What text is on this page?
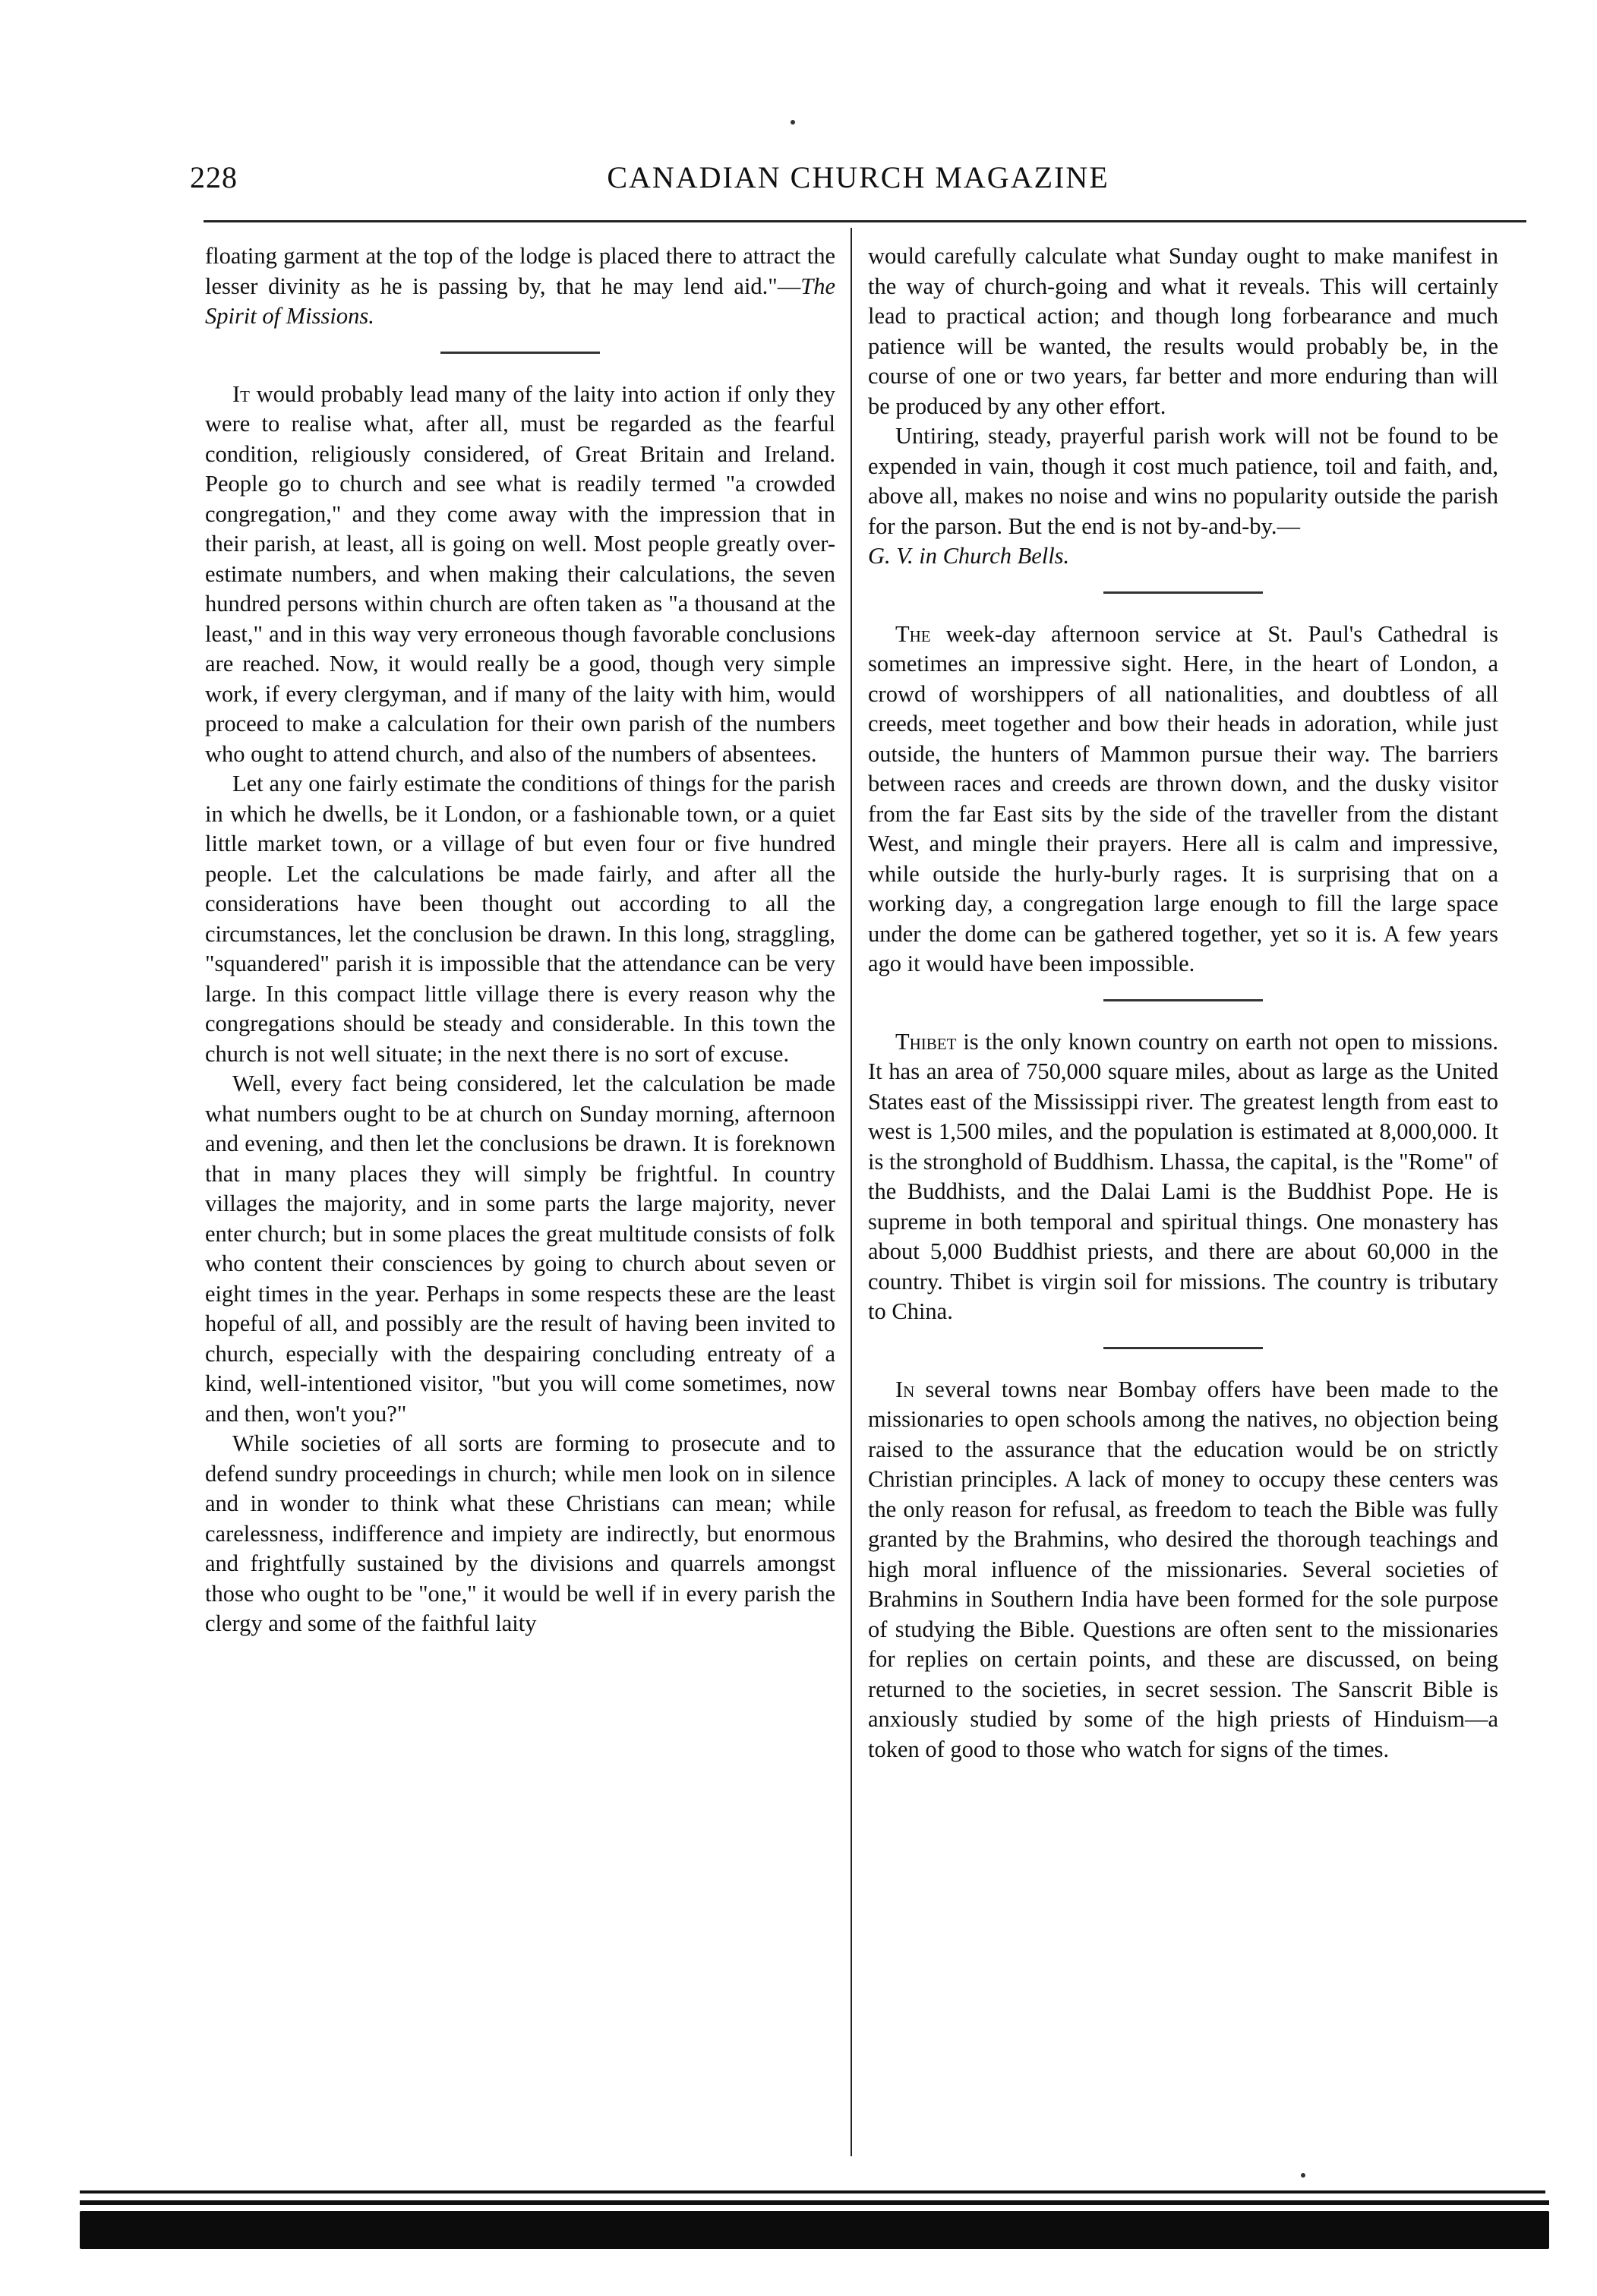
228	CANADIAN CHURCH MAGAZINE

floating garment at the top of the lodge is placed there to attract the lesser divinity as he is passing by, that he may lend aid."—The Spirit of Missions.

It would probably lead many of the laity into action if only they were to realise what, after all, must be regarded as the fearful condition, religiously considered, of Great Britain and Ireland. People go to church and see what is readily termed "a crowded congregation," and they come away with the impression that in their parish, at least, all is going on well. Most people greatly over-estimate numbers, and when making their calculations, the seven hundred persons within church are often taken as "a thousand at the least," and in this way very erroneous though favorable conclusions are reached. Now, it would really be a good, though very simple work, if every clergyman, and if many of the laity with him, would proceed to make a calculation for their own parish of the numbers who ought to attend church, and also of the numbers of absentees.

Let any one fairly estimate the conditions of things for the parish in which he dwells, be it London, or a fashionable town, or a quiet little market town, or a village of but even four or five hundred people. Let the calculations be made fairly, and after all the considerations have been thought out according to all the circumstances, let the conclusion be drawn. In this long, straggling, "squandered" parish it is impossible that the attendance can be very large. In this compact little village there is every reason why the congregations should be steady and considerable. In this town the church is not well situate; in the next there is no sort of excuse.

Well, every fact being considered, let the calculation be made what numbers ought to be at church on Sunday morning, afternoon and evening, and then let the conclusions be drawn. It is foreknown that in many places they will simply be frightful. In country villages the majority, and in some parts the large majority, never enter church; but in some places the great multitude consists of folk who content their consciences by going to church about seven or eight times in the year. Perhaps in some respects these are the least hopeful of all, and possibly are the result of having been invited to church, especially with the despairing concluding entreaty of a kind, well-intentioned visitor, "but you will come sometimes, now and then, won't you?"

While societies of all sorts are forming to prosecute and to defend sundry proceedings in church; while men look on in silence and in wonder to think what these Christians can mean; while carelessness, indifference and impiety are indirectly, but enormous and frightfully sustained by the divisions and quarrels amongst those who ought to be "one," it would be well if in every parish the clergy and some of the faithful laity

would carefully calculate what Sunday ought to make manifest in the way of church-going and what it reveals. This will certainly lead to practical action; and though long forbearance and much patience will be wanted, the results would probably be, in the course of one or two years, far better and more enduring than will be produced by any other effort.

Untiring, steady, prayerful parish work will not be found to be expended in vain, though it cost much patience, toil and faith, and, above all, makes no noise and wins no popularity outside the parish for the parson. But the end is not by-and-by.—
G. V. in Church Bells.

The week-day afternoon service at St. Paul's Cathedral is sometimes an impressive sight. Here, in the heart of London, a crowd of worshippers of all nationalities, and doubtless of all creeds, meet together and bow their heads in adoration, while just outside, the hunters of Mammon pursue their way. The barriers between races and creeds are thrown down, and the dusky visitor from the far East sits by the side of the traveller from the distant West, and mingle their prayers. Here all is calm and impressive, while outside the hurly-burly rages. It is surprising that on a working day, a congregation large enough to fill the large space under the dome can be gathered together, yet so it is. A few years ago it would have been impossible.

Thibet is the only known country on earth not open to missions. It has an area of 750,000 square miles, about as large as the United States east of the Mississippi river. The greatest length from east to west is 1,500 miles, and the population is estimated at 8,000,000. It is the stronghold of Buddhism. Lhassa, the capital, is the "Rome" of the Buddhists, and the Dalai Lami is the Buddhist Pope. He is supreme in both temporal and spiritual things. One monastery has about 5,000 Buddhist priests, and there are about 60,000 in the country. Thibet is virgin soil for missions. The country is tributary to China.

In several towns near Bombay offers have been made to the missionaries to open schools among the natives, no objection being raised to the assurance that the education would be on strictly Christian principles. A lack of money to occupy these centers was the only reason for refusal, as freedom to teach the Bible was fully granted by the Brahmins, who desired the thorough teachings and high moral influence of the missionaries. Several societies of Brahmins in Southern India have been formed for the sole purpose of studying the Bible. Questions are often sent to the missionaries for replies on certain points, and these are discussed, on being returned to the societies, in secret session. The Sanscrit Bible is anxiously studied by some of the high priests of Hinduism—a token of good to those who watch for signs of the times.
